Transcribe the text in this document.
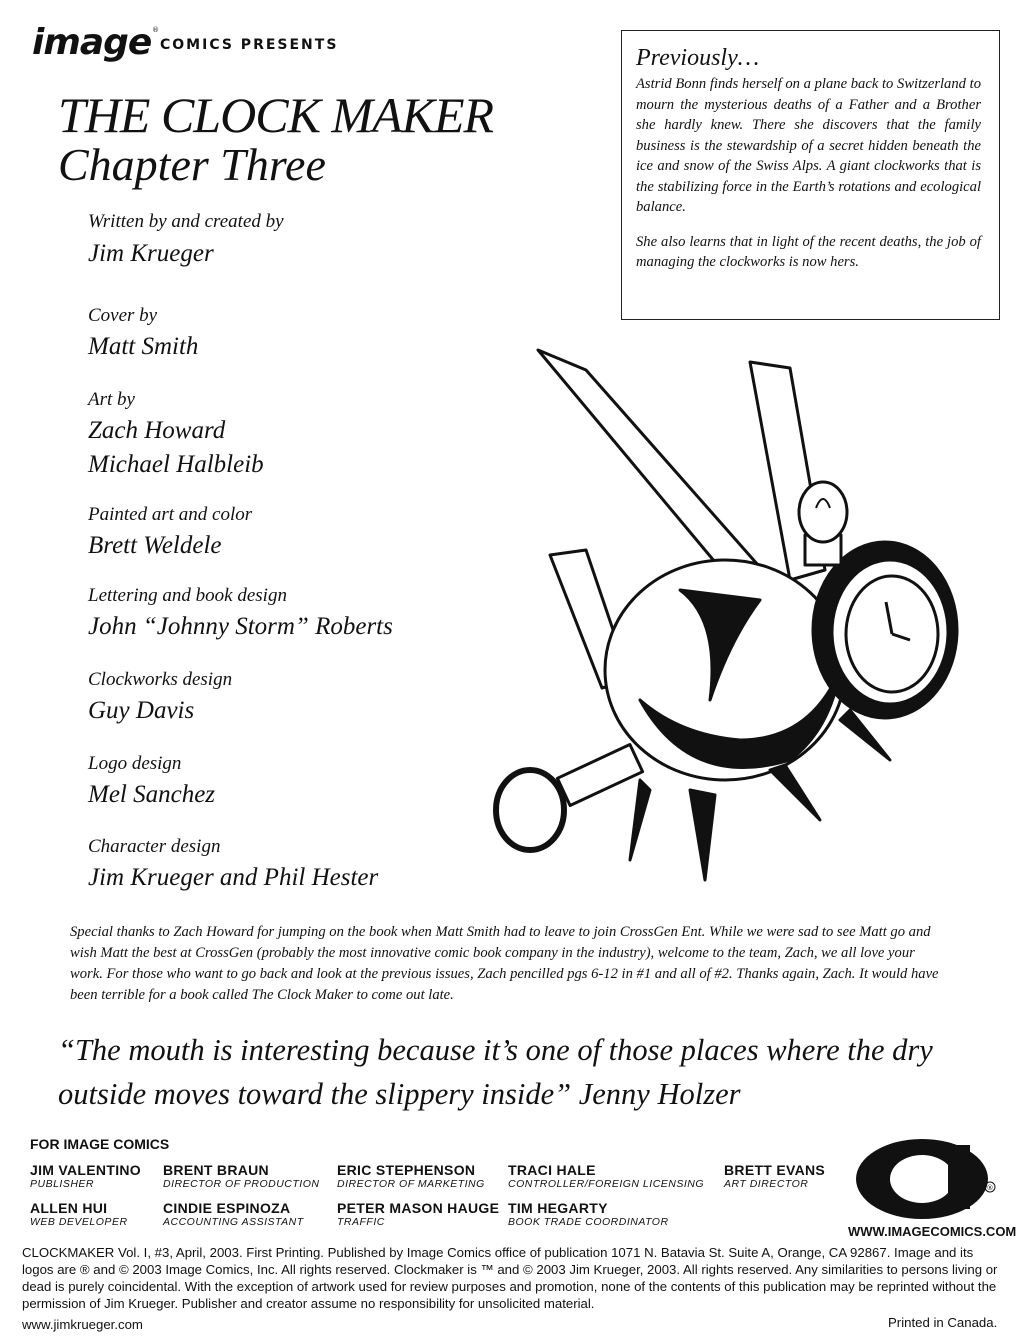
image ®
COMICS PRESENTS
THE CLOCK MAKER
Chapter Three
Written by and created by
Jim Krueger
Cover by
Matt Smith
Art by
Zach Howard
Michael Halbleib
Painted art and color
Brett Weldele
Lettering and book design
John “Johnny Storm” Roberts
Clockworks design
Guy Davis
Logo design
Mel Sanchez
Character design
Jim Krueger and Phil Hester

Previously…

Astrid Bonn finds herself on a plane back to Switzerland to mourn the mysterious deaths of a Father and a Brother she hardly knew. There she discovers that the family business is the stewardship of a secret hidden beneath the ice and snow of the Swiss Alps. A giant clockworks that is the stabilizing force in the Earth’s rotations and ecological balance.

She also learns that in light of the recent deaths, the job of managing the clockworks is now hers.

Special thanks to Zach Howard for jumping on the book when Matt Smith had to leave to join CrossGen Ent. While we were sad to see Matt go and wish Matt the best at CrossGen (probably the most innovative comic book company in the industry), welcome to the team, Zach, we all love your work. For those who want to go back and look at the previous issues, Zach pencilled pgs 6-12 in #1 and all of #2. Thanks again, Zach. It would have been terrible for a book called The Clock Maker to come out late.

“The mouth is interesting because it’s one of those places where the dry outside moves toward the slippery inside” Jenny Holzer

FOR IMAGE COMICS
JIM VALENTINO
PUBLISHER
BRENT BRAUN
DIRECTOR OF PRODUCTION
ERIC STEPHENSON
DIRECTOR OF MARKETING
TRACI HALE
CONTROLLER/FOREIGN LICENSING
BRETT EVANS
ART DIRECTOR
ALLEN HUI
WEB DEVELOPER
CINDIE ESPINOZA
ACCOUNTING ASSISTANT
PETER MASON HAUGE
TRAFFIC
TIM HEGARTY
BOOK TRADE COORDINATOR
®
WWW.IMAGECOMICS.COM

CLOCKMAKER Vol. I, #3, April, 2003. First Printing. Published by Image Comics office of publication 1071 N. Batavia St. Suite A, Orange, CA 92867. Image and its logos are ® and © 2003 Image Comics, Inc. All rights reserved. Clockmaker is ™ and © 2003 Jim Krueger, 2003. All rights reserved. Any similarities to persons living or dead is purely coincidental. With the exception of artwork used for review purposes and promotion, none of the contents of this publication may be reprinted without the permission of Jim Krueger. Publisher and creator assume no responsibility for unsolicited material.

www.jimkrueger.com	Printed in Canada.
